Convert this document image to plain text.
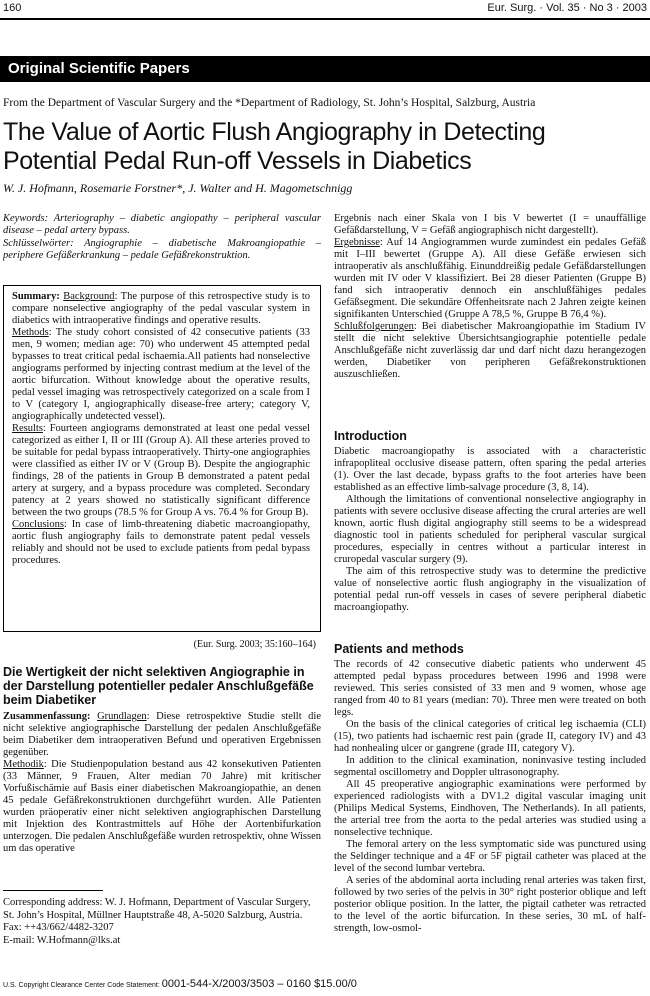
160	Eur. Surg. · Vol. 35 · No 3 · 2003
Original Scientific Papers
From the Department of Vascular Surgery and the *Department of Radiology, St. John’s Hospital, Salzburg, Austria
The Value of Aortic Flush Angiography in Detecting Potential Pedal Run-off Vessels in Diabetics
W. J. Hofmann, Rosemarie Forstner*, J. Walter and H. Magometschnigg

Keywords: Arteriography – diabetic angiopathy – peripheral vascular disease – pedal artery bypass.

Schlüsselwörter: Angiographie – diabetische Makroangiopathie – periphere Gefäßerkrankung – pedale Gefäßrekonstruktion.

Summary: Background: The purpose of this retrospective study is to compare nonselective angiography of the pedal vascular system in diabetics with intraoperative findings and operative results.

Methods: The study cohort consisted of 42 consecutive patients (33 men, 9 women; median age: 70) who underwent 45 attempted pedal bypasses to treat critical pedal ischaemia.All patients had nonselective angiograms performed by injecting contrast medium at the level of the aortic bifurcation. Without knowledge about the operative results, pedal vessel imaging was retrospectively categorized on a scale from I to V (category I, angiographically disease-free artery; category V, angiographically undetected vessel).

Results: Fourteen angiograms demonstrated at least one pedal vessel categorized as either I, II or III (Group A). All these arteries proved to be suitable for pedal bypass intraoperatively. Thirty-one angiographies were classified as either IV or V (Group B). Despite the angiographic findings, 28 of the patients in Group B demonstrated a patent pedal artery at surgery, and a bypass procedure was completed. Secondary patency at 2 years showed no statistically significant difference between the two groups (78.5 % for Group A vs. 76.4 % for Group B).

Conclusions: In case of limb-threatening diabetic macroangiopathy, aortic flush angiography fails to demonstrate patent pedal vessels reliably and should not be used to exclude patients from pedal bypass procedures.

(Eur. Surg. 2003; 35:160–164)
Die Wertigkeit der nicht selektiven Angiographie in der Darstellung potentieller pedaler Anschlußgefäße beim Diabetiker

Zusammenfassung: Grundlagen: Diese retrospektive Studie stellt die nicht selektive angiographische Darstellung der pedalen Anschlußgefäße beim Diabetiker dem intraoperativen Befund und operativen Ergebnissen gegenüber.

Methodik: Die Studienpopulation bestand aus 42 konsekutiven Patienten (33 Männer, 9 Frauen, Alter median 70 Jahre) mit kritischer Vorfußischämie auf Basis einer diabetischen Makroangiopathie, an denen 45 pedale Gefäßrekonstruktionen durchgeführt wurden. Alle Patienten wurden präoperativ einer nicht selektiven angiographischen Darstellung mit Injektion des Kontrastmittels auf Höhe der Aortenbifurkation unterzogen. Die pedalen Anschlußgefäße wurden retrospektiv, ohne Wissen um das operative

Corresponding address: W. J. Hofmann, Department of Vascular Surgery, St. John’s Hospital, Müllner Hauptstraße 48, A-5020 Salzburg, Austria.

Fax: ++43/662/4482-3207

E-mail: W.Hofmann@lks.at

U.S. Copyright Clearance Center Code Statement: 0001-544-X/2003/3503 – 0160 $15.00/0

Ergebnis nach einer Skala von I bis V bewertet (I = unauffällige Gefäßdarstellung, V = Gefäß angiographisch nicht dargestellt).

Ergebnisse: Auf 14 Angiogrammen wurde zumindest ein pedales Gefäß mit I–III bewertet (Gruppe A). All diese Gefäße erwiesen sich intraoperativ als anschlußfähig. Einunddreißig pedale Gefäßdarstellungen wurden mit IV oder V klassifiziert. Bei 28 dieser Patienten (Gruppe B) fand sich intraoperativ dennoch ein anschlußfähiges pedales Gefäßsegment. Die sekundäre Offenheitsrate nach 2 Jahren zeigte keinen signifikanten Unterschied (Gruppe A 78,5 %, Gruppe B 76,4 %).

Schlußfolgerungen: Bei diabetischer Makroangiopathie im Stadium IV stellt die nicht selektive Übersichtsangiographie potentielle pedale Anschlußgefäße nicht zuverlässig dar und darf nicht dazu herangezogen werden, Diabetiker von peripheren Gefäßrekonstruktionen auszuschließen.

Introduction

Diabetic macroangiopathy is associated with a characteristic infrapopliteal occlusive disease pattern, often sparing the pedal arteries (1). Over the last decade, bypass grafts to the foot arteries have been established as an effective limb-salvage procedure (3, 8, 14).

Although the limitations of conventional nonselective angiography in patients with severe occlusive disease affecting the crural arteries are well known, aortic flush digital angiography still seems to be a widespread diagnostic tool in patients scheduled for peripheral vascular surgical procedures, especially in centres without a particular interest in cruropedal vascular surgery (9).

The aim of this retrospective study was to determine the predictive value of nonselective aortic flush angiography in the visualization of potential pedal run-off vessels in cases of severe peripheral diabetic macroangiopathy.

Patients and methods

The records of 42 consecutive diabetic patients who underwent 45 attempted pedal bypass procedures between 1996 and 1998 were reviewed. This series consisted of 33 men and 9 women, whose age ranged from 40 to 81 years (median: 70). Three men were treated on both legs.

On the basis of the clinical categories of critical leg ischaemia (CLI) (15), two patients had ischaemic rest pain (grade II, category IV) and 43 had nonhealing ulcer or gangrene (grade III, category V).

In addition to the clinical examination, noninvasive testing included segmental oscillometry and Doppler ultrasonography.

All 45 preoperative angiographic examinations were performed by experienced radiologists with a DV1.2 digital vascular imaging unit (Philips Medical Systems, Eindhoven, The Netherlands). In all patients, the arterial tree from the aorta to the pedal arteries was studied using a nonselective technique.

The femoral artery on the less symptomatic side was punctured using the Seldinger technique and a 4F or 5F pigtail catheter was placed at the level of the second lumbar vertebra.

A series of the abdominal aorta including renal arteries was taken first, followed by two series of the pelvis in 30° right posterior oblique and left posterior oblique position. In the latter, the pigtail catheter was retracted to the level of the aortic bifurcation. In these series, 30 mL of half-strength, low-osmol-
